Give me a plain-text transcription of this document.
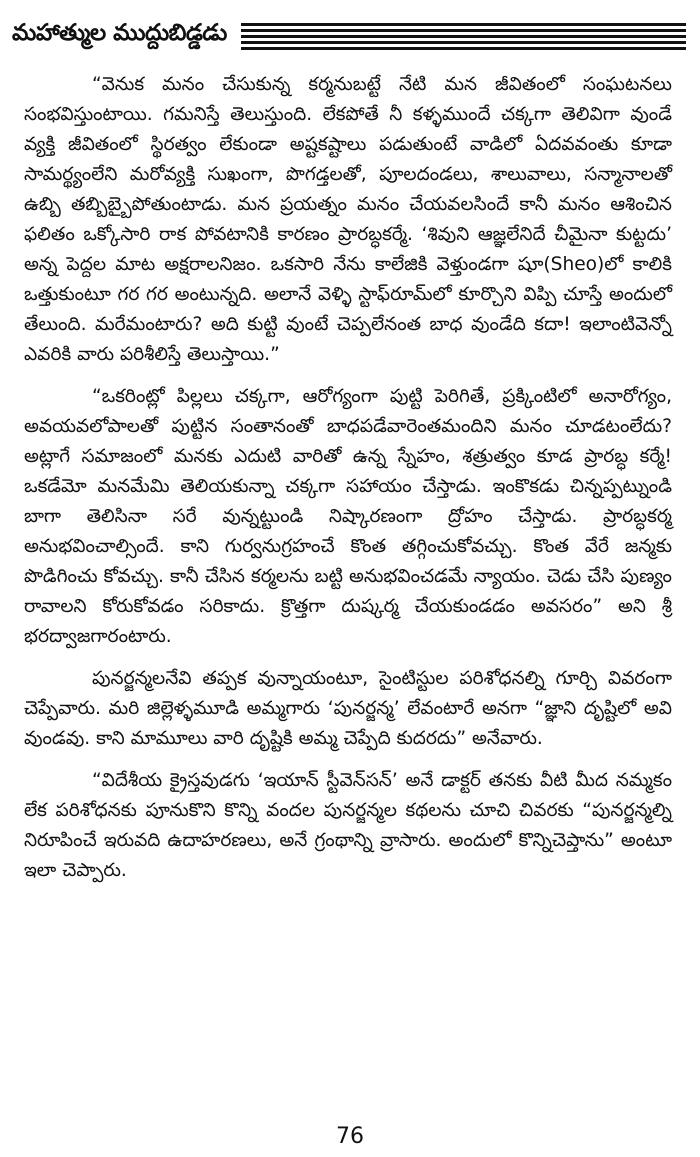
మహాత్ముల ముద్దుబిడ్డడు

“వెనుక మనం చేసుకున్న కర్మనుబట్టే నేటి మన జీవితంలో సంఘటనలు సంభవిస్తుంటాయి. గమనిస్తే తెలుస్తుంది. లేకపోతే నీ కళ్ళముందే చక్కగా తెలివిగా వుండే వ్యక్తి జీవితంలో స్థిరత్వం లేకుండా అష్టకష్టాలు పడుతుంటే వాడిలో ఏదవవంతు కూడా సామర్థ్యంలేని మరోవ్యక్తి సుఖంగా, పొగడ్తలతో, పూలదండలు, శాలువాలు, సన్మానాలతో ఉబ్బి తబ్బిబ్బైపోతుంటాడు. మన ప్రయత్నం మనం చేయవలసిందే కానీ మనం ఆశించిన ఫలితం ఒక్కోసారి రాక పోవటానికి కారణం ప్రారబ్ధకర్మే. ‘శివుని ఆజ్ఞలేనిదే చీమైనా కుట్టదు’ అన్న పెద్దల మాట అక్షరాలనిజం. ఒకసారి నేను కాలేజికి వెళ్తుండగా షూ(Sheo)లో కాలికి ఒత్తుకుంటూ గర గర అంటున్నది. అలానే వెళ్ళి స్టాఫ్‌రూమ్‌లో కూర్చొని విప్పి చూస్తే అందులో తేలుంది. మరేమంటారు? అది కుట్టి వుంటే చెప్పలేనంత బాధ వుండేది కదా! ఇలాంటివెన్నో ఎవరికి వారు పరిశీలిస్తే తెలుస్తాయి.”

“ఒకరింట్లో పిల్లలు చక్కగా, ఆరోగ్యంగా పుట్టి పెరిగితే, ప్రక్కింటిలో అనారోగ్యం, అవయవలోపాలతో పుట్టిన సంతానంతో బాధపడేవారెంతమందిని మనం చూడటంలేదు? అట్లాగే సమాజంలో మనకు ఎదుటి వారితో ఉన్న స్నేహం, శత్రుత్వం కూడ ప్రారబ్ధ కర్మే! ఒకడేమో మనమేమి తెలియకున్నా చక్కగా సహాయం చేస్తాడు. ఇంకొకడు చిన్నప్పట్నుండి బాగా తెలిసినా సరే వున్నట్టుండి నిష్కారణంగా ద్రోహం చేస్తాడు. ప్రారబ్ధకర్మ అనుభవించాల్సిందే. కాని గుర్వనుగ్రహంచే కొంత తగ్గించుకోవచ్చు. కొంత వేరే జన్మకు పొడిగించు కోవచ్చు. కానీ చేసిన కర్మలను బట్టి అనుభవించడమే న్యాయం. చెడు చేసి పుణ్యం రావాలని కోరుకోవడం సరికాదు. క్రొత్తగా దుష్కర్మ చేయకుండడం అవసరం” అని శ్రీ భరద్వాజగారంటారు.

పునర్జన్మలనేవి తప్పక వున్నాయంటూ, సైంటిస్టుల పరిశోధనల్ని గూర్చి వివరంగా చెప్పేవారు. మరి జిల్లెళ్ళమూడి అమ్మగారు ‘పునర్జన్మ’ లేవంటారే అనగా “జ్ఞాని దృష్టిలో అవి వుండవు. కాని మామూలు వారి దృష్టికి అమ్మ చెప్పేది కుదరదు” అనేవారు.

“విదేశీయ క్రైస్తవుడగు ‘ఇయాన్ స్టీవెన్‌సన్’ అనే డాక్టర్ తనకు వీటి మీద నమ్మకం లేక పరిశోధనకు పూనుకొని కొన్ని వందల పునర్జన్మల కథలను చూచి చివరకు “పునర్జన్మల్ని నిరూపించే ఇరువది ఉదాహరణలు, అనే గ్రంథాన్ని వ్రాసారు. అందులో కొన్నిచెప్తాను” అంటూ ఇలా చెప్పారు.

76
